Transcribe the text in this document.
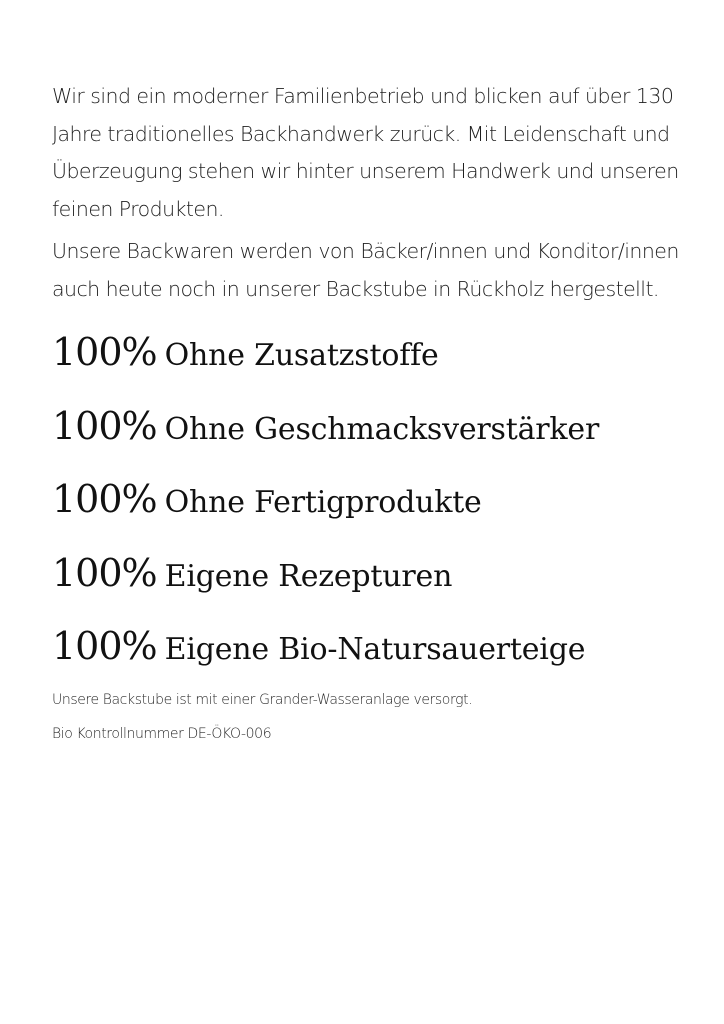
Wir sind ein moderner Familienbetrieb und blicken auf über 130 Jahre traditionelles Backhandwerk zurück. Mit Leidenschaft und Überzeugung stehen wir hinter unserem Handwerk und unseren feinen Produkten.

Unsere Backwaren werden von Bäcker/innen und Konditor/innen auch heute noch in unserer Backstube in Rückholz hergestellt.

100% Ohne Zusatzstoffe
100% Ohne Geschmacksverstärker
100% Ohne Fertigprodukte
100% Eigene Rezepturen
100% Eigene Bio-Natursauerteige

Unsere Backstube ist mit einer Grander-Wasseranlage versorgt.

Bio Kontrollnummer DE-ÖKO-006
